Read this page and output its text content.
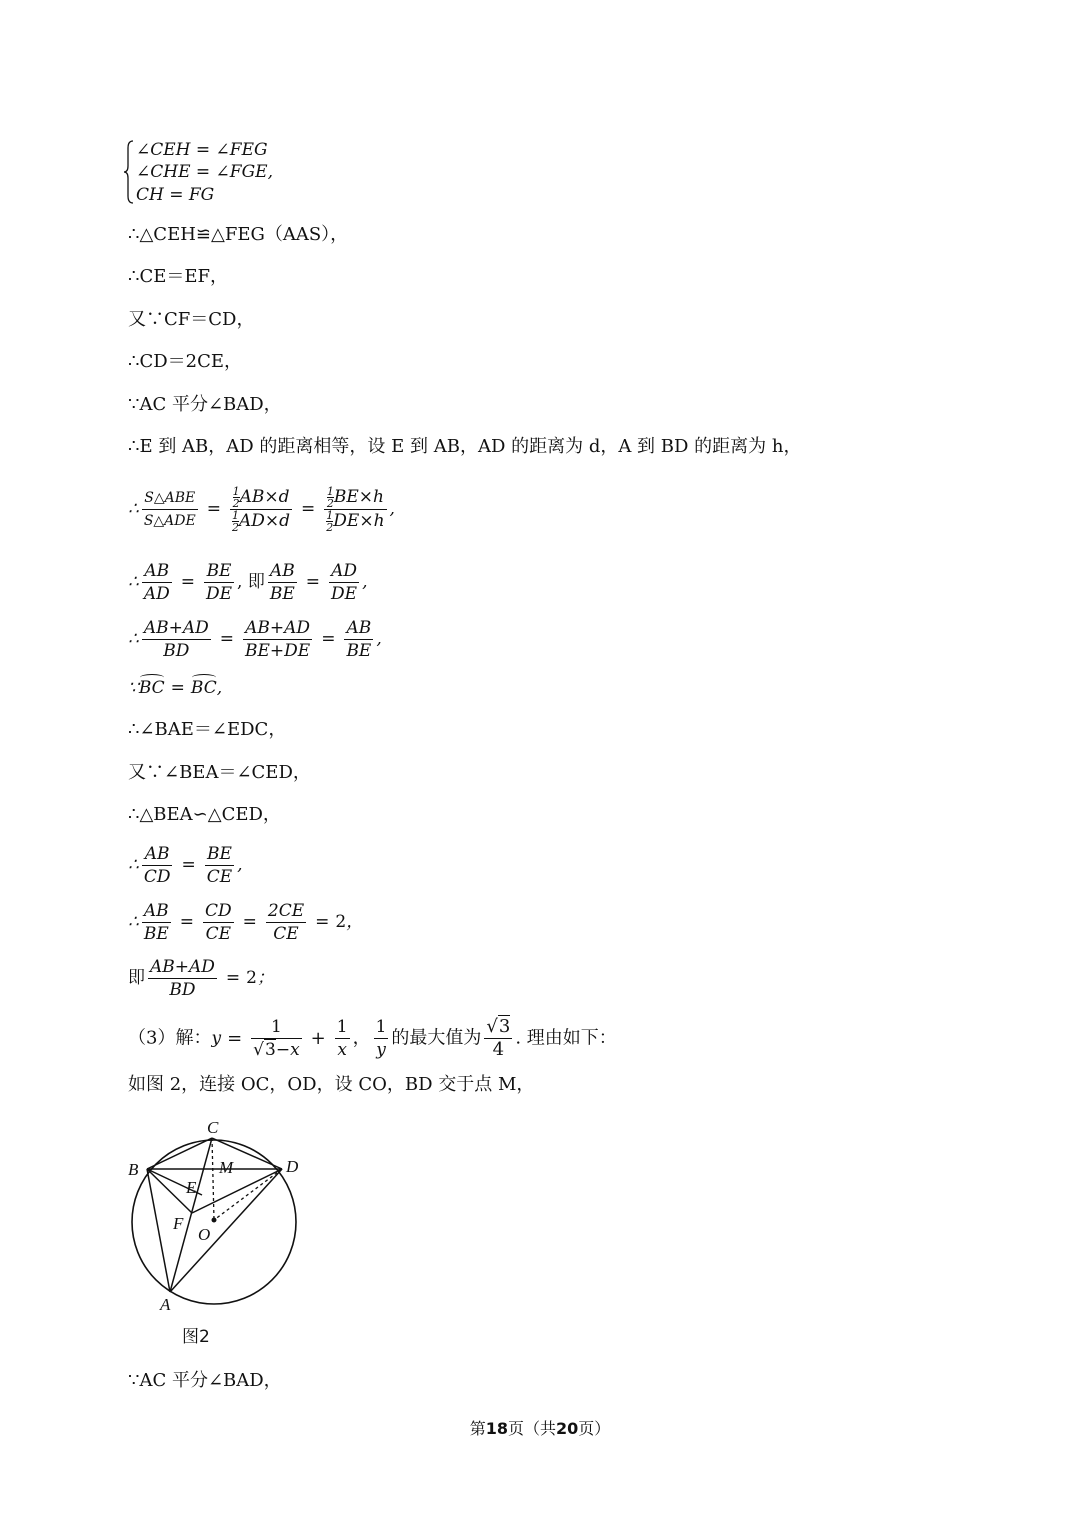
∠CEH = ∠FEG
∠CHE = ∠FGE,
CH = FG
∴△CEH≌△FEG（AAS），
∴CE＝EF，
又∵CF＝CD，
∴CD＝2CE，
∵AC 平分∠BAD，
∴E 到 AB，AD 的距离相等，设 E 到 AB，AD 的距离为 d，A 到 BD 的距离为 h，
∴ $\frac{\text{S△ABE}}{\text{S△ADE}} = \frac{\frac{1}{2} AB\times d}{\frac{1}{2} AD\times d} = \frac{\frac{1}{2} BE\times h}{\frac{1}{2} DE\times h}$ ,
∴ $\frac{AB}{AD} = \frac{BE}{DE}$ , 即 $\frac{AB}{BE} = \frac{AD}{DE}$ ,
∴ $\frac{AB+AD}{BD} = \frac{AB+AD}{BE+DE} = \frac{AB}{BE}$ ,
∵BC = BC,
∴∠BAE＝∠EDC，
又∵∠BEA＝∠CED，
∴△BEA∽△CED，
∴ $\frac{AB}{CD} = \frac{BE}{CE}$ ,
∴ $\frac{AB}{BE} = \frac{CD}{CE} = \frac{2CE}{CE} = 2$，
即 $\frac{AB+AD}{BD} = 2$；
（3）解：$y = \frac{1}{√3-x} + \frac{1}{x}$ ， $\frac{1}{y}$ 的最大值为 $\frac{√3}{4}$ . 理由如下：
如图 2，连接 OC，OD，设 CO，BD 交于点 M，
C
B	D
M
E
F
O
A
图2
∵AC 平分∠BAD，
第18页（共20页）
